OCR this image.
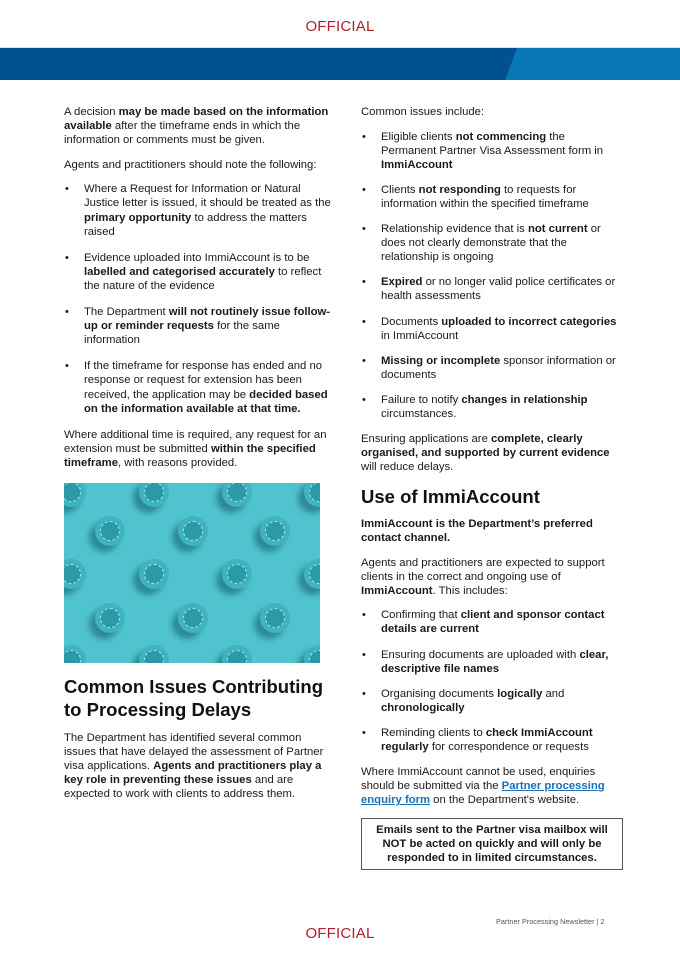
OFFICIAL

A decision may be made based on the information available after the timeframe ends in which the information or comments must be given.

Agents and practitioners should note the following:

• Where a Request for Information or Natural Justice letter is issued, it should be treated as the primary opportunity to address the matters raised
• Evidence uploaded into ImmiAccount is to be labelled and categorised accurately to reflect the nature of the evidence
• The Department will not routinely issue follow-up or reminder requests for the same information
• If the timeframe for response has ended and no response or request for extension has been received, the application may be decided based on the information available at that time.

Where additional time is required, any request for an extension must be submitted within the specified timeframe, with reasons provided.

Common Issues Contributing to Processing Delays

The Department has identified several common issues that have delayed the assessment of Partner visa applications. Agents and practitioners play a key role in preventing these issues and are expected to work with clients to address them.

Common issues include:

• Eligible clients not commencing the Permanent Partner Visa Assessment form in ImmiAccount
• Clients not responding to requests for information within the specified timeframe
• Relationship evidence that is not current or does not clearly demonstrate that the relationship is ongoing
• Expired or no longer valid police certificates or health assessments
• Documents uploaded to incorrect categories in ImmiAccount
• Missing or incomplete sponsor information or documents
• Failure to notify changes in relationship circumstances.

Ensuring applications are complete, clearly organised, and supported by current evidence will reduce delays.

Use of ImmiAccount

ImmiAccount is the Department’s preferred contact channel.

Agents and practitioners are expected to support clients in the correct and ongoing use of ImmiAccount. This includes:

• Confirming that client and sponsor contact details are current
• Ensuring documents are uploaded with clear, descriptive file names
• Organising documents logically and chronologically
• Reminding clients to check ImmiAccount regularly for correspondence or requests

Where ImmiAccount cannot be used, enquiries should be submitted via the Partner processing enquiry form on the Department's website.

Emails sent to the Partner visa mailbox will NOT be acted on quickly and will only be responded to in limited circumstances.
Partner Processing Newsletter | 2
OFFICIAL
